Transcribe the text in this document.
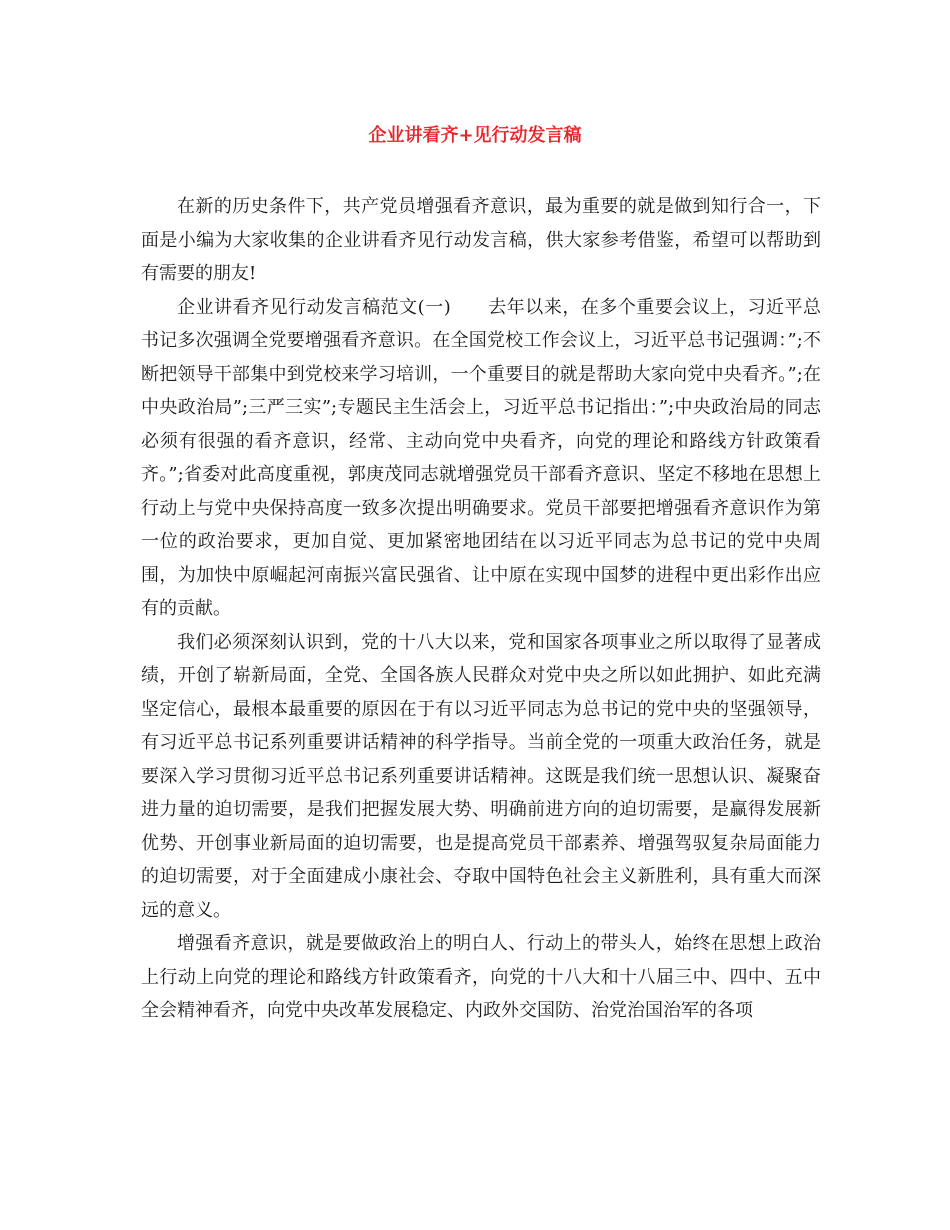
企业讲看齐+见行动发言稿

在新的历史条件下，共产党员增强看齐意识，最为重要的就是做到知行合一，下面是小编为大家收集的企业讲看齐见行动发言稿，供大家参考借鉴，希望可以帮助到有需要的朋友!

企业讲看齐见行动发言稿范文(一)　　去年以来，在多个重要会议上，习近平总书记多次强调全党要增强看齐意识。在全国党校工作会议上，习近平总书记强调：”;不断把领导干部集中到党校来学习培训，一个重要目的就是帮助大家向党中央看齐。”;在中央政治局”;三严三实”;专题民主生活会上，习近平总书记指出：”;中央政治局的同志必须有很强的看齐意识，经常、主动向党中央看齐，向党的理论和路线方针政策看齐。”;省委对此高度重视，郭庚茂同志就增强党员干部看齐意识、坚定不移地在思想上行动上与党中央保持高度一致多次提出明确要求。党员干部要把增强看齐意识作为第一位的政治要求，更加自觉、更加紧密地团结在以习近平同志为总书记的党中央周围，为加快中原崛起河南振兴富民强省、让中原在实现中国梦的进程中更出彩作出应有的贡献。

我们必须深刻认识到，党的十八大以来，党和国家各项事业之所以取得了显著成绩，开创了崭新局面，全党、全国各族人民群众对党中央之所以如此拥护、如此充满坚定信心，最根本最重要的原因在于有以习近平同志为总书记的党中央的坚强领导，有习近平总书记系列重要讲话精神的科学指导。当前全党的一项重大政治任务，就是要深入学习贯彻习近平总书记系列重要讲话精神。这既是我们统一思想认识、凝聚奋进力量的迫切需要，是我们把握发展大势、明确前进方向的迫切需要，是赢得发展新优势、开创事业新局面的迫切需要，也是提高党员干部素养、增强驾驭复杂局面能力的迫切需要，对于全面建成小康社会、夺取中国特色社会主义新胜利，具有重大而深远的意义。

增强看齐意识，就是要做政治上的明白人、行动上的带头人，始终在思想上政治上行动上向党的理论和路线方针政策看齐，向党的十八大和十八届三中、四中、五中全会精神看齐，向党中央改革发展稳定、内政外交国防、治党治国治军的各项
